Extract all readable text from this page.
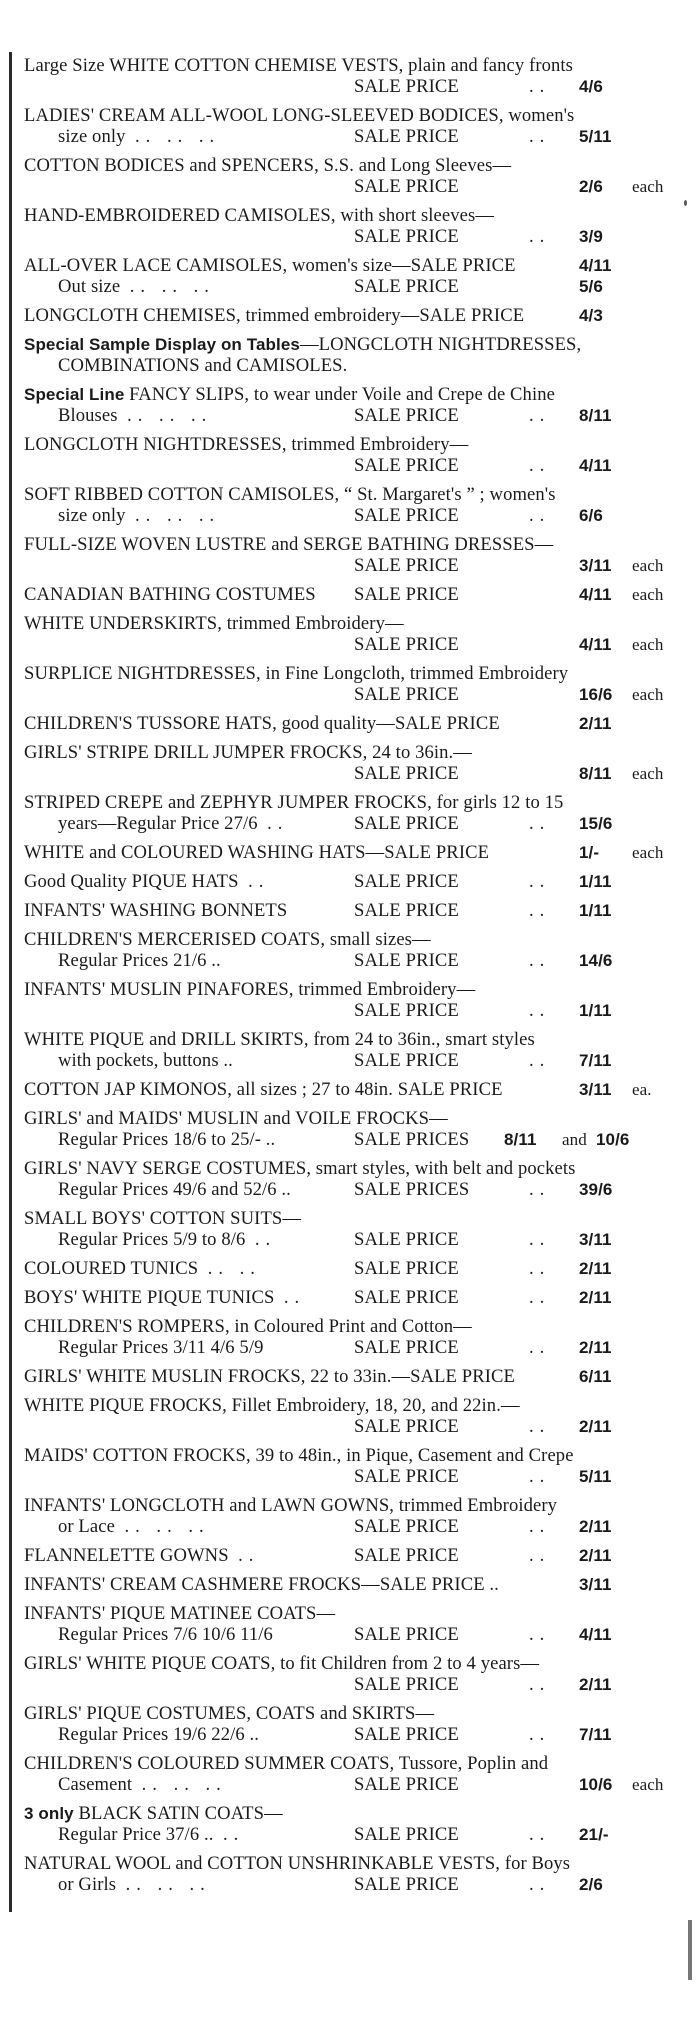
Large Size WHITE COTTON CHEMISE VESTS, plain and fancy fronts
SALE PRICE	.. 4/6
LADIES' CREAM ALL-WOOL LONG-SLEEVED BODICES, women's
size only .. .. ..	SALE PRICE	.. 5/11
COTTON BODICES and SPENCERS, S.S. and Long Sleeves—
SALE PRICE	2/6 each
HAND-EMBROIDERED CAMISOLES, with short sleeves—
SALE PRICE	.. 3/9
ALL-OVER LACE CAMISOLES, women's size—SALE PRICE	4/11
Out size .. .. ..	SALE PRICE	5/6
LONGCLOTH CHEMISES, trimmed embroidery—SALE PRICE	4/3
Special Sample Display on Tables—LONGCLOTH NIGHTDRESSES,
COMBINATIONS and CAMISOLES.
Special Line FANCY SLIPS, to wear under Voile and Crepe de Chine
Blouses .. .. ..	SALE PRICE	.. 8/11
LONGCLOTH NIGHTDRESSES, trimmed Embroidery—
SALE PRICE	.. 4/11
SOFT RIBBED COTTON CAMISOLES, “ St. Margaret's ” ; women's
size only .. .. ..	SALE PRICE	.. 6/6
FULL-SIZE WOVEN LUSTRE and SERGE BATHING DRESSES—
SALE PRICE	3/11 each
CANADIAN BATHING COSTUMES SALE PRICE	4/11 each
WHITE UNDERSKIRTS, trimmed Embroidery—
SALE PRICE	4/11 each
SURPLICE NIGHTDRESSES, in Fine Longcloth, trimmed Embroidery
SALE PRICE	16/6 each
CHILDREN'S TUSSORE HATS, good quality—SALE PRICE	2/11
GIRLS' STRIPE DRILL JUMPER FROCKS, 24 to 36in.—
SALE PRICE	8/11 each
STRIPED CREPE and ZEPHYR JUMPER FROCKS, for girls 12 to 15
years—Regular Price 27/6 ..	SALE PRICE	.. 15/6
WHITE and COLOURED WASHING HATS—SALE PRICE	1/- each
Good Quality PIQUE HATS ..	SALE PRICE	.. 1/11
INFANTS' WASHING BONNETS	SALE PRICE	.. 1/11
CHILDREN'S MERCERISED COATS, small sizes—
Regular Prices 21/6 ..	SALE PRICE	.. 14/6
INFANTS' MUSLIN PINAFORES, trimmed Embroidery—
SALE PRICE	.. 1/11
WHITE PIQUE and DRILL SKIRTS, from 24 to 36in., smart styles
with pockets, buttons ..	SALE PRICE	.. 7/11
COTTON JAP KIMONOS, all sizes ; 27 to 48in. SALE PRICE	3/11 ea.
GIRLS' and MAIDS' MUSLIN and VOILE FROCKS—
Regular Prices 18/6 to 25/- ..	SALE PRICES 8/11 and 10/6
GIRLS' NAVY SERGE COSTUMES, smart styles, with belt and pockets
Regular Prices 49/6 and 52/6 ..	SALE PRICES	.. 39/6
SMALL BOYS' COTTON SUITS—
Regular Prices 5/9 to 8/6 ..	SALE PRICE	.. 3/11
COLOURED TUNICS .. ..	SALE PRICE	.. 2/11
BOYS' WHITE PIQUE TUNICS ..	SALE PRICE	.. 2/11
CHILDREN'S ROMPERS, in Coloured Print and Cotton—
Regular Prices 3/11 4/6 5/9	SALE PRICE	.. 2/11
GIRLS' WHITE MUSLIN FROCKS, 22 to 33in.—SALE PRICE	6/11
WHITE PIQUE FROCKS, Fillet Embroidery, 18, 20, and 22in.—
SALE PRICE	.. 2/11
MAIDS' COTTON FROCKS, 39 to 48in., in Pique, Casement and Crepe
SALE PRICE	.. 5/11
INFANTS' LONGCLOTH and LAWN GOWNS, trimmed Embroidery
or Lace .. .. ..	SALE PRICE	.. 2/11
FLANNELETTE GOWNS ..	SALE PRICE	.. 2/11
INFANTS' CREAM CASHMERE FROCKS—SALE PRICE ..	3/11
INFANTS' PIQUE MATINEE COATS—
Regular Prices 7/6 10/6 11/6	SALE PRICE	.. 4/11
GIRLS' WHITE PIQUE COATS, to fit Children from 2 to 4 years—
SALE PRICE	.. 2/11
GIRLS' PIQUE COSTUMES, COATS and SKIRTS—
Regular Prices 19/6 22/6 ..	SALE PRICE	.. 7/11
CHILDREN'S COLOURED SUMMER COATS, Tussore, Poplin and
Casement .. .. ..	SALE PRICE	10/6 each
3 only BLACK SATIN COATS—
Regular Price 37/6 .. ..	SALE PRICE	.. 21/-
NATURAL WOOL and COTTON UNSHRINKABLE VESTS, for Boys
or Girls .. .. ..	SALE PRICE	.. 2/6
